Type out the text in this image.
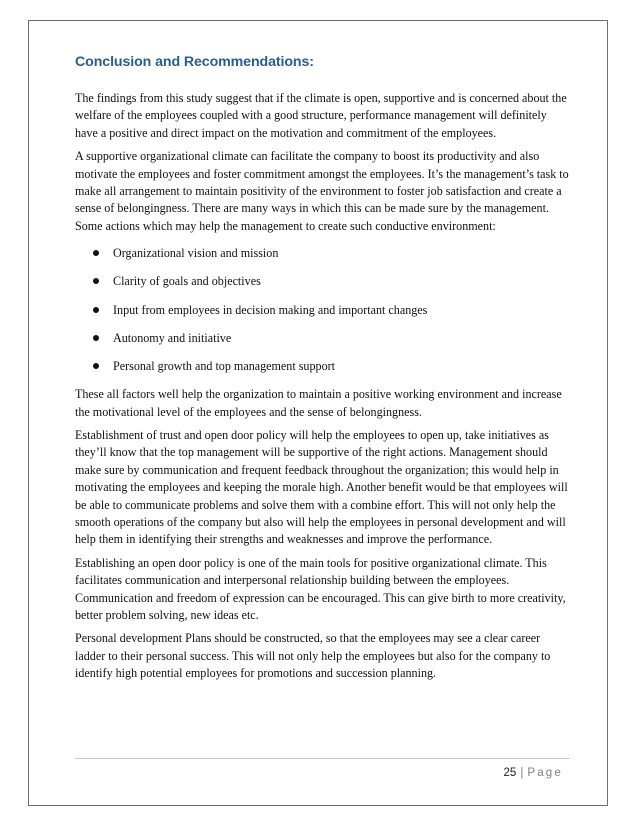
Conclusion and Recommendations:

The findings from this study suggest that if the climate is open, supportive and is concerned about the welfare of the employees coupled with a good structure, performance management will definitely have a positive and direct impact on the motivation and commitment of the employees.

A supportive organizational climate can facilitate the company to boost its productivity and also motivate the employees and foster commitment amongst the employees. It’s the management’s task to make all arrangement to maintain positivity of the environment to foster job satisfaction and create a sense of belongingness. There are many ways in which this can be made sure by the management. Some actions which may help the management to create such conductive environment:

Organizational vision and mission
Clarity of goals and objectives
Input from employees in decision making and important changes
Autonomy and initiative
Personal growth and top management support

These all factors well help the organization to maintain a positive working environment and increase the motivational level of the employees and the sense of belongingness.

Establishment of trust and open door policy will help the employees to open up, take initiatives as they’ll know that the top management will be supportive of the right actions. Management should make sure by communication and frequent feedback throughout the organization; this would help in motivating the employees and keeping the morale high. Another benefit would be that employees will be able to communicate problems and solve them with a combine effort. This will not only help the smooth operations of the company but also will help the employees in personal development and will help them in identifying their strengths and weaknesses and improve the performance.

Establishing an open door policy is one of the main tools for positive organizational climate. This facilitates communication and interpersonal relationship building between the employees. Communication and freedom of expression can be encouraged. This can give birth to more creativity, better problem solving, new ideas etc.

Personal development Plans should be constructed, so that the employees may see a clear career ladder to their personal success. This will not only help the employees but also for the company to identify high potential employees for promotions and succession planning.

25 | Page
